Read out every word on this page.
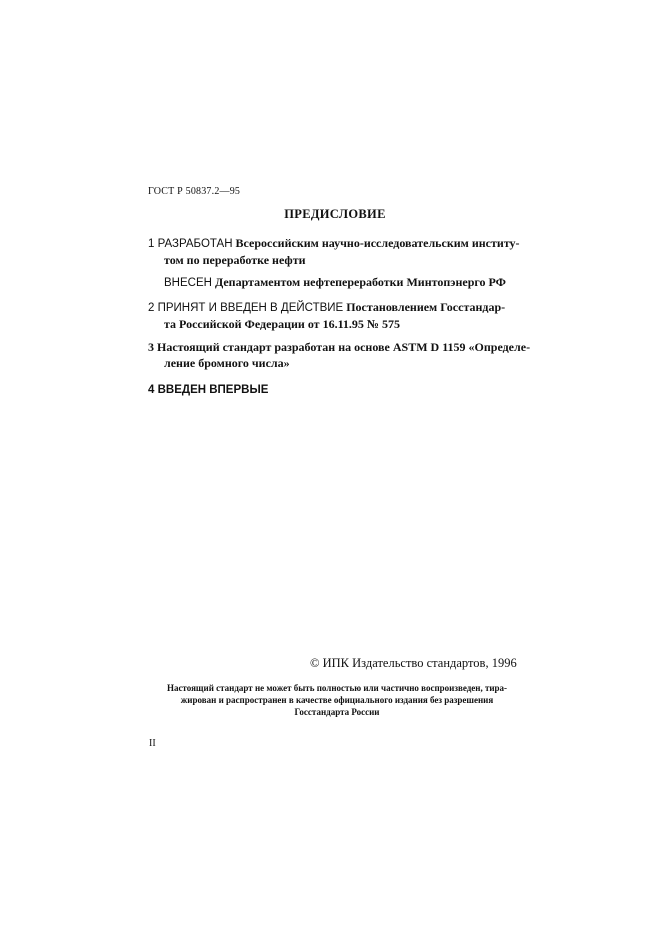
ГОСТ Р 50837.2—95
ПРЕДИСЛОВИЕ
1 РАЗРАБОТАН Всероссийским научно-исследовательским институ-
том по переработке нефти
ВНЕСЕН Департаментом нефтепереработки Минтопэнерго РФ
2 ПРИНЯТ И ВВЕДЕН В ДЕЙСТВИЕ Постановлением Госстандар-
та Российской Федерации от 16.11.95 № 575
3 Настоящий стандарт разработан на основе ASTM D 1159 «Определе-
ление бромного числа»
4 ВВЕДЕН ВПЕРВЫЕ
© ИПК Издательство стандартов, 1996
Настоящий стандарт не может быть полностью или частично воспроизведен, тира-
жирован и распространен в качестве официального издания без разрешения
Госстандарта России
II
